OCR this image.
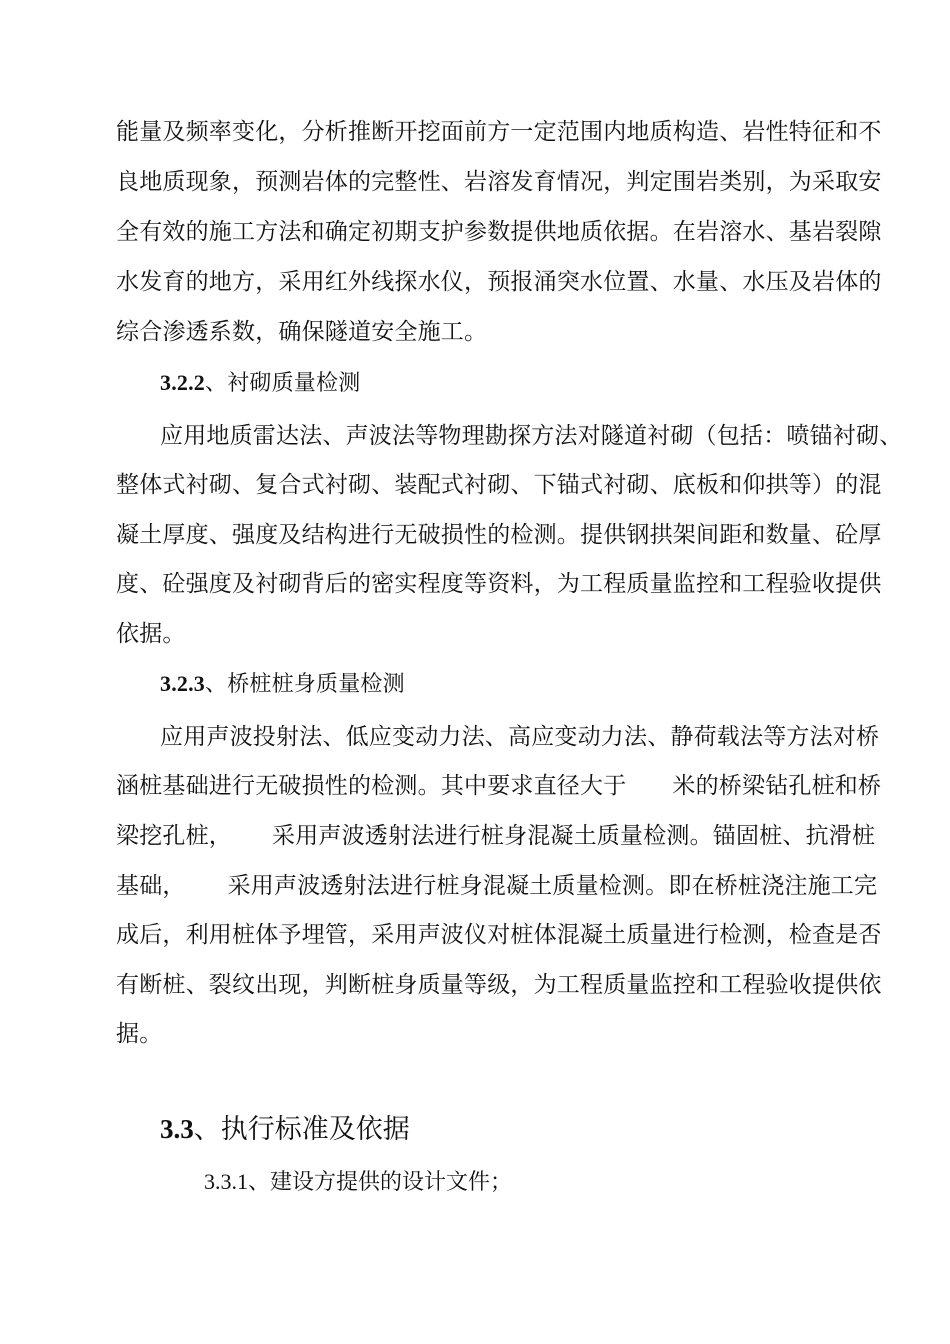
能量及频率变化，分析推断开挖面前方一定范围内地质构造、岩性特征和不
良地质现象，预测岩体的完整性、岩溶发育情况，判定围岩类别，为采取安
全有效的施工方法和确定初期支护参数提供地质依据。在岩溶水、基岩裂隙
水发育的地方，采用红外线探水仪，预报涌突水位置、水量、水压及岩体的
综合渗透系数，确保隧道安全施工。
3.2.2、衬砌质量检测
应用地质雷达法、声波法等物理勘探方法对隧道衬砌（包括：喷锚衬砌、
整体式衬砌、复合式衬砌、装配式衬砌、下锚式衬砌、底板和仰拱等）的混
凝土厚度、强度及结构进行无破损性的检测。提供钢拱架间距和数量、砼厚
度、砼强度及衬砌背后的密实程度等资料，为工程质量监控和工程验收提供
依据。
3.2.3、桥桩桩身质量检测
应用声波投射法、低应变动力法、高应变动力法、静荷载法等方法对桥
涵桩基础进行无破损性的检测。其中要求直径大于 米的桥梁钻孔桩和桥
梁挖孔桩， 采用声波透射法进行桩身混凝土质量检测。锚固桩、抗滑桩
基础， 采用声波透射法进行桩身混凝土质量检测。即在桥桩浇注施工完
成后，利用桩体予埋管，采用声波仪对桩体混凝土质量进行检测，检查是否
有断桩、裂纹出现，判断桩身质量等级，为工程质量监控和工程验收提供依
据。
3.3、执行标准及依据
3.3.1、建设方提供的设计文件；
